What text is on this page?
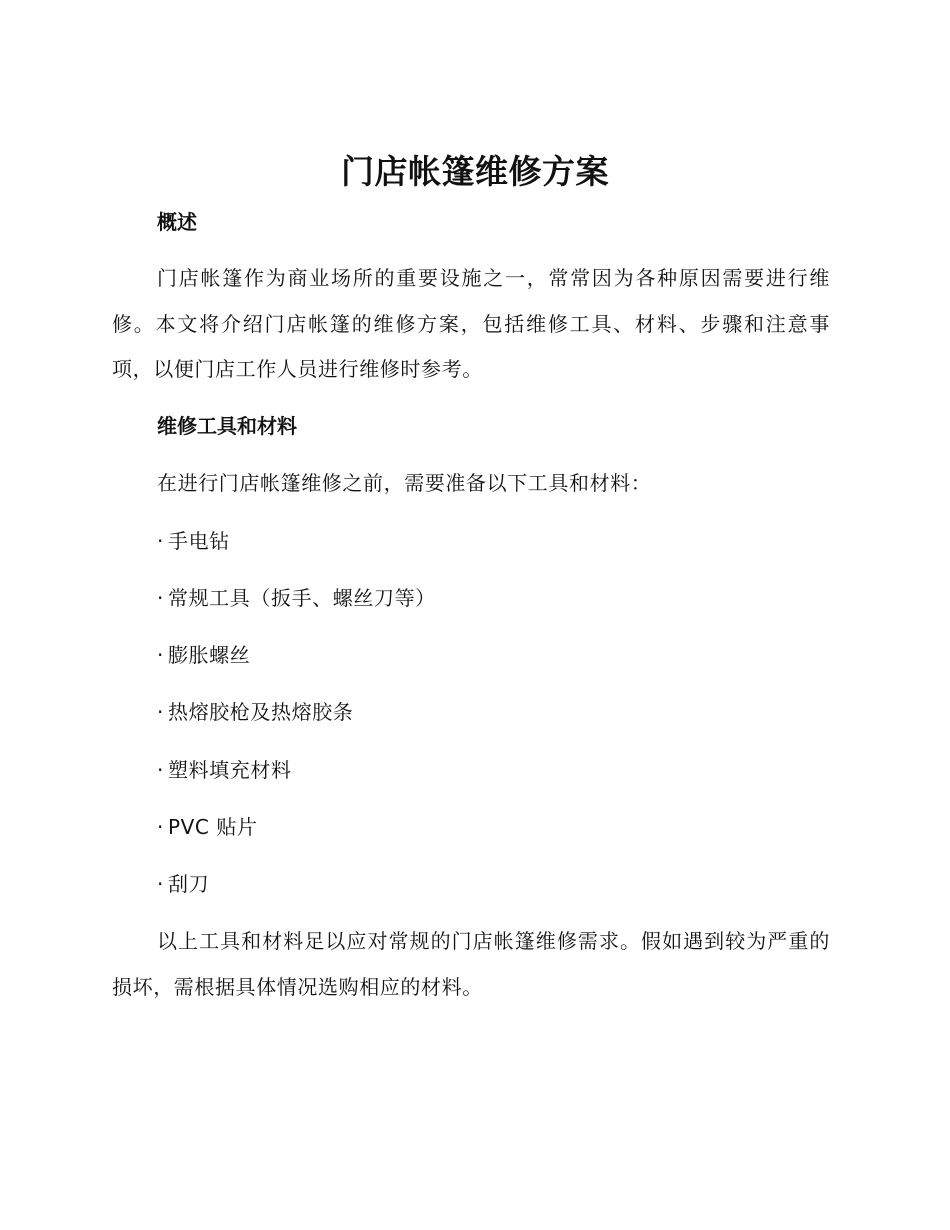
门店帐篷维修方案
概述

门店帐篷作为商业场所的重要设施之一，常常因为各种原因需要进行维修。本文将介绍门店帐篷的维修方案，包括维修工具、材料、步骤和注意事项，以便门店工作人员进行维修时参考。

维修工具和材料
在进行门店帐篷维修之前，需要准备以下工具和材料：
· 手电钻
· 常规工具（扳手、螺丝刀等）
· 膨胀螺丝
· 热熔胶枪及热熔胶条
· 塑料填充材料
· PVC 贴片
· 刮刀

以上工具和材料足以应对常规的门店帐篷维修需求。假如遇到较为严重的损坏，需根据具体情况选购相应的材料。
